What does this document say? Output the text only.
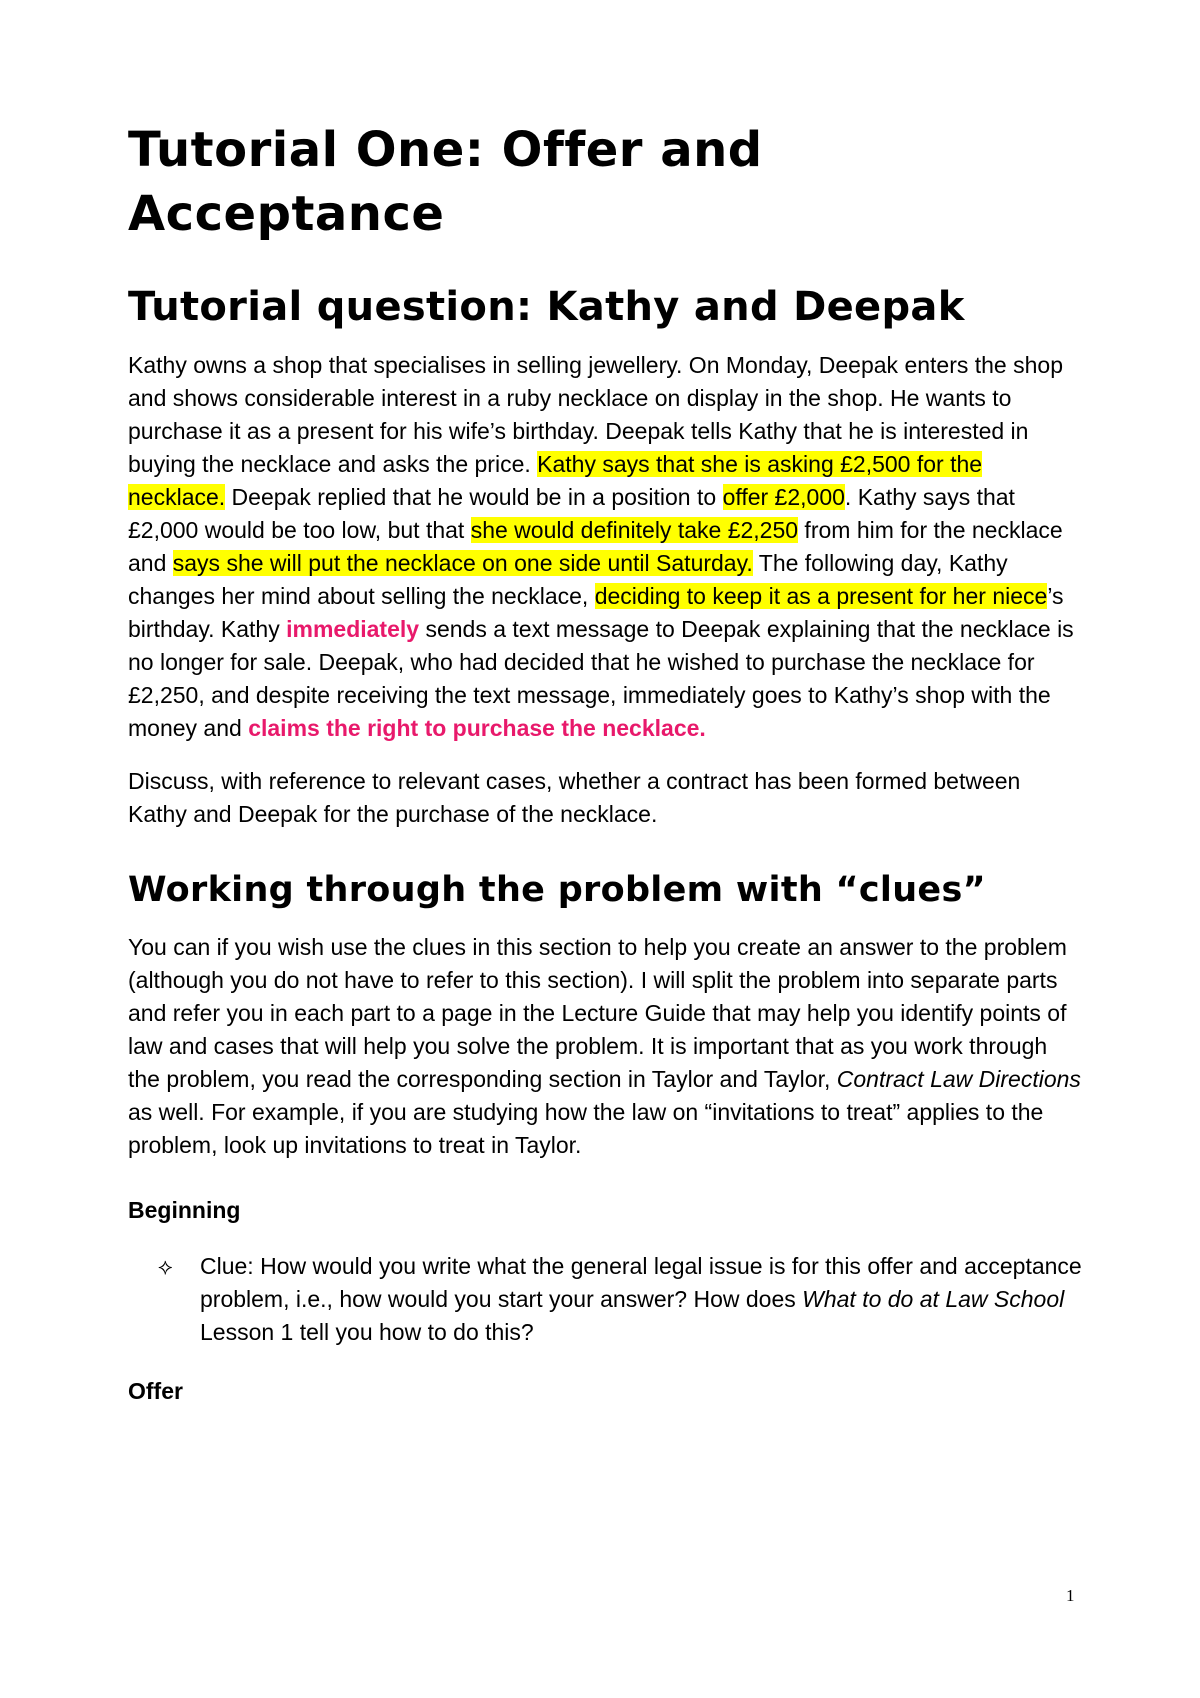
Tutorial One: Offer and Acceptance
Tutorial question: Kathy and Deepak

Kathy owns a shop that specialises in selling jewellery. On Monday, Deepak enters the shop and shows considerable interest in a ruby necklace on display in the shop. He wants to purchase it as a present for his wife’s birthday. Deepak tells Kathy that he is interested in buying the necklace and asks the price. Kathy says that she is asking £2,500 for the necklace. Deepak replied that he would be in a position to offer £2,000. Kathy says that £2,000 would be too low, but that she would definitely take £2,250 from him for the necklace and says she will put the necklace on one side until Saturday. The following day, Kathy changes her mind about selling the necklace, deciding to keep it as a present for her niece’s birthday. Kathy immediately sends a text message to Deepak explaining that the necklace is no longer for sale. Deepak, who had decided that he wished to purchase the necklace for £2,250, and despite receiving the text message, immediately goes to Kathy’s shop with the money and claims the right to purchase the necklace.

Discuss, with reference to relevant cases, whether a contract has been formed between Kathy and Deepak for the purchase of the necklace.

Working through the problem with “clues”

You can if you wish use the clues in this section to help you create an answer to the problem (although you do not have to refer to this section). I will split the problem into separate parts and refer you in each part to a page in the Lecture Guide that may help you identify points of law and cases that will help you solve the problem. It is important that as you work through the problem, you read the corresponding section in Taylor and Taylor, Contract Law Directions as well. For example, if you are studying how the law on “invitations to treat” applies to the problem, look up invitations to treat in Taylor.

Beginning
⟡ Clue: How would you write what the general legal issue is for this offer and acceptance problem, i.e., how would you start your answer? How does What to do at Law School Lesson 1 tell you how to do this?
Offer
1
